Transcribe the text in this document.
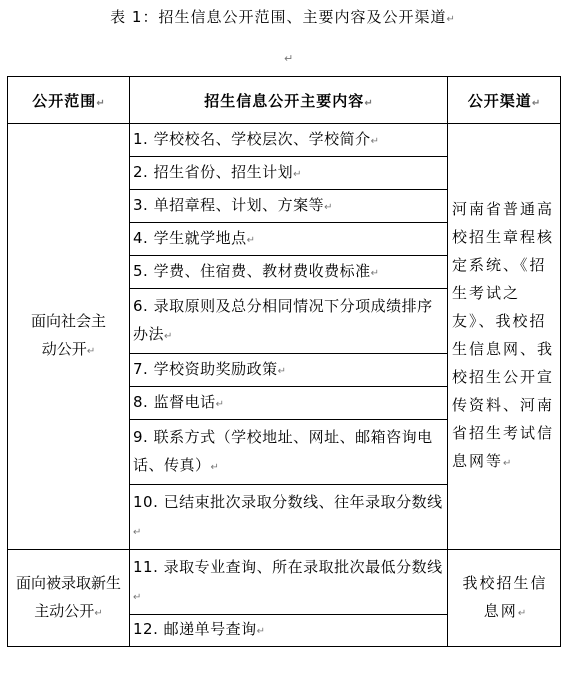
表 1：招生信息公开范围、主要内容及公开渠道↵
↵
公开范围↵	招生信息公开主要内容↵	公开渠道↵

面向社会主动公开↵	1. 学校校名、学校层次、学校简介↵	河南省普通高校招生章程核定系统、《招生考试之友》、我校招生信息网、我校招生公开宣传资料、河南省招生考试信息网等↵
	2. 招生省份、招生计划↵	
	3. 单招章程、计划、方案等↵	
	4. 学生就学地点↵	
	5. 学费、住宿费、教材费收费标准↵	
	6. 录取原则及总分相同情况下分项成绩排序办法↵	
	7. 学校资助奖励政策↵	
	8. 监督电话↵	
	9. 联系方式（学校地址、网址、邮箱咨询电话、传真）↵	
	10. 已结束批次录取分数线、往年录取分数线↵	

面向被录取新生主动公开↵	11. 录取专业查询、所在录取批次最低分数线↵	我校招生信息网↵

	12. 邮递单号查询↵	
